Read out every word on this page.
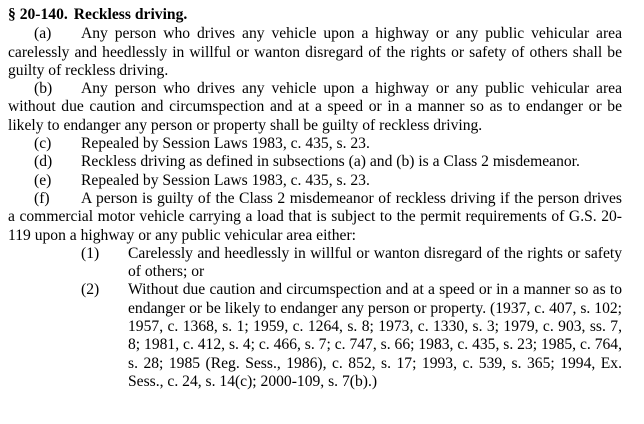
§ 20-140. Reckless driving.

(a) Any person who drives any vehicle upon a highway or any public vehicular area carelessly and heedlessly in willful or wanton disregard of the rights or safety of others shall be guilty of reckless driving.

(b) Any person who drives any vehicle upon a highway or any public vehicular area without due caution and circumspection and at a speed or in a manner so as to endanger or be likely to endanger any person or property shall be guilty of reckless driving.

(c)	Repealed by Session Laws 1983, c. 435, s. 23.
(d)	Reckless driving as defined in subsections (a) and (b) is a Class 2 misdemeanor.
(e)	Repealed by Session Laws 1983, c. 435, s. 23.

(f) A person is guilty of the Class 2 misdemeanor of reckless driving if the person drives a commercial motor vehicle carrying a load that is subject to the permit requirements of G.S. 20-119 upon a highway or any public vehicular area either:

(1)	Carelessly and heedlessly in willful or wanton disregard of the rights or safety of others; or
(2)	Without due caution and circumspection and at a speed or in a manner so as to endanger or be likely to endanger any person or property. (1937, c. 407, s. 102; 1957, c. 1368, s. 1; 1959, c. 1264, s. 8; 1973, c. 1330, s. 3; 1979, c. 903, ss. 7, 8; 1981, c. 412, s. 4; c. 466, s. 7; c. 747, s. 66; 1983, c. 435, s. 23; 1985, c. 764, s. 28; 1985 (Reg. Sess., 1986), c. 852, s. 17; 1993, c. 539, s. 365; 1994, Ex. Sess., c. 24, s. 14(c); 2000-109, s. 7(b).)
